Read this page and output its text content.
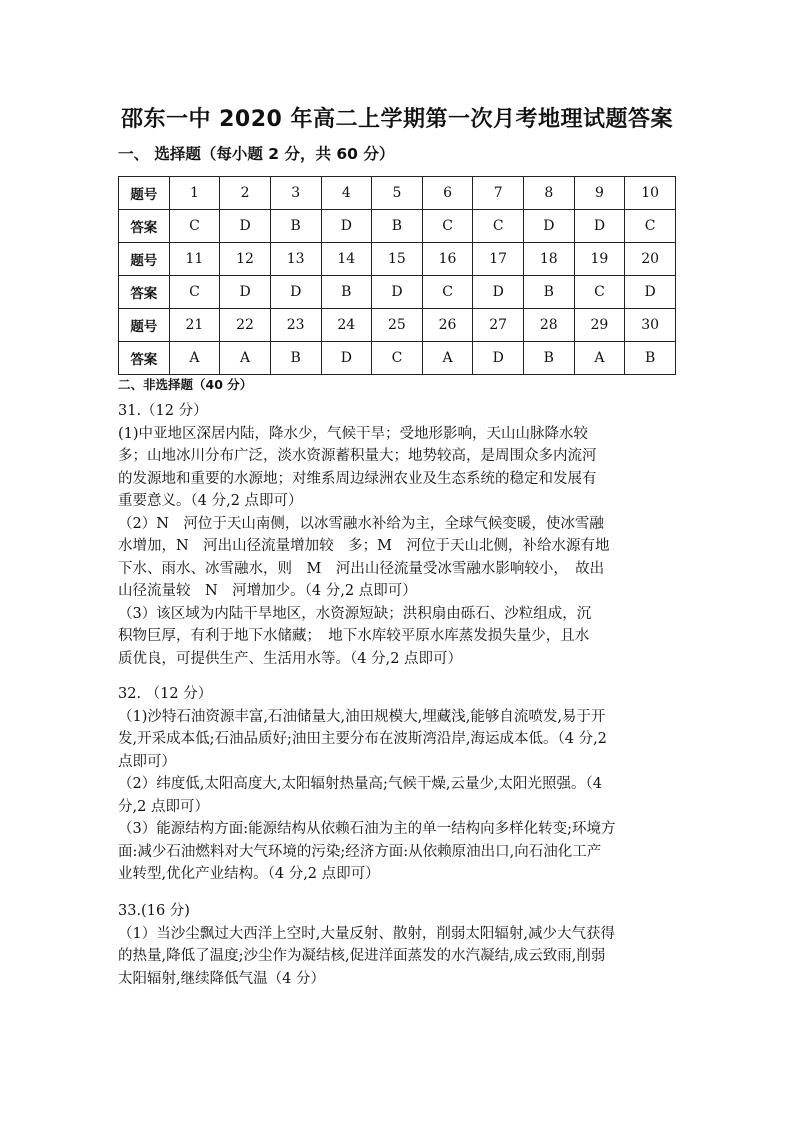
邵东一中 2020 年高二上学期第一次月考地理试题答案
一、 选择题（每小题 2 分，共 60 分）
题号	1	2	3	4	5	6	7	8	9	10
答案	C	D	B	D	B	C	C	D	D	C
题号	11	12	13	14	15	16	17	18	19	20
答案	C	D	D	B	D	C	D	B	C	D
题号	21	22	23	24	25	26	27	28	29	30
答案	A	A	B	D	C	A	D	B	A	B
二、非选择题（40 分）

31.（12 分）

(1)中亚地区深居内陆，降水少，气候干旱；受地形影响，天山山脉降水较

多；山地冰川分布广泛，淡水资源蓄积量大；地势较高，是周围众多内流河

的发源地和重要的水源地；对维系周边绿洲农业及生态系统的稳定和发展有

重要意义。（4 分,2 点即可）

（2）N　河位于天山南侧，以冰雪融水补给为主，全球气候变暖，使冰雪融

水增加，N　河出山径流量增加较　多；M　河位于天山北侧，补给水源有地

下水、雨水、冰雪融水，则　M　河出山径流量受冰雪融水影响较小，　故出

山径流量较　N　河增加少。（4 分,2 点即可）

（3）该区域为内陆干旱地区，水资源短缺；洪积扇由砾石、沙粒组成，沉

积物巨厚，有利于地下水储藏；　地下水库较平原水库蒸发损失量少，且水

质优良，可提供生产、生活用水等。（4 分,2 点即可）

32. （12 分）

（1)沙特石油资源丰富,石油储量大,油田规模大,埋藏浅,能够自流喷发,易于开

发,开采成本低;石油品质好;油田主要分布在波斯湾沿岸,海运成本低。（4 分,2

点即可）

（2）纬度低,太阳高度大,太阳辐射热量高;气候干燥,云量少,太阳光照强。（4

分,2 点即可）

（3）能源结构方面:能源结构从依赖石油为主的单一结构向多样化转变;环境方

面:减少石油燃料对大气环境的污染;经济方面:从依赖原油出口,向石油化工产

业转型,优化产业结构。（4 分,2 点即可）

33.(16 分)

（1）当沙尘飘过大西洋上空时,大量反射、散射，削弱太阳辐射,减少大气获得

的热量,降低了温度;沙尘作为凝结核,促进洋面蒸发的水汽凝结,成云致雨,削弱

太阳辐射,继续降低气温（4 分）
